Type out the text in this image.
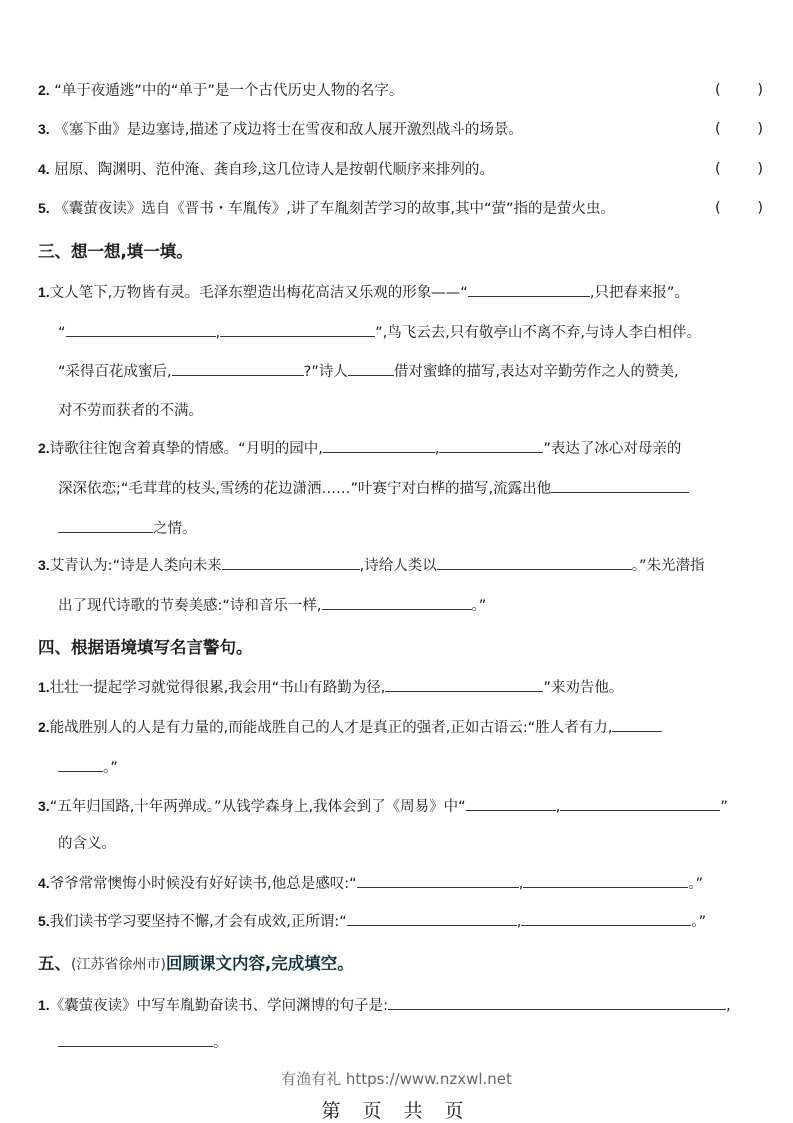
2. “单于夜遁逃”中的“单于”是一个古代历史人物的名字。	(	)
3. 《塞下曲》是边塞诗,描述了戍边将士在雪夜和敌人展开激烈战斗的场景。	(	)
4. 屈原、陶渊明、范仲淹、龚自珍,这几位诗人是按朝代顺序来排列的。	(	)
5. 《囊萤夜读》选自《晋书・车胤传》,讲了车胤刻苦学习的故事,其中“萤”指的是萤火虫。	(	)
三、想一想,填一填。
1.文人笔下,万物皆有灵。毛泽东塑造出梅花高洁又乐观的形象——“	,只把春来报”。
“	,	”,鸟飞云去,只有敬亭山不离不弃,与诗人李白相伴。
“采得百花成蜜后,	?”诗人	借对蜜蜂的描写,表达对辛勤劳作之人的赞美,
对不劳而获者的不满。
2.诗歌往往饱含着真挚的情感。“月明的园中,	,	”表达了冰心对母亲的
深深依恋;“毛茸茸的枝头,雪绣的花边潇洒……”叶赛宁对白桦的描写,流露出他
之情。
3.艾青认为:“诗是人类向未来	,诗给人类以	。”朱光潜指
出了现代诗歌的节奏美感:“诗和音乐一样,	。”
四、根据语境填写名言警句。
1.壮壮一提起学习就觉得很累,我会用“书山有路勤为径,	”来劝告他。
2.能战胜别人的人是有力量的,而能战胜自己的人才是真正的强者,正如古语云:“胜人者有力,
。”
3.“五年归国路,十年两弹成。”从钱学森身上,我体会到了《周易》中“	,	”
的含义。
4.爷爷常常懊悔小时候没有好好读书,他总是感叹:“	,	。”
5.我们读书学习要坚持不懈,才会有成效,正所谓:“	,	。”
五、(江苏省徐州市)回顾课文内容,完成填空。
1.《囊萤夜读》中写车胤勤奋读书、学问渊博的句子是:	,
。
有渔有礼 https://www.nzxwl.net
第 页 共 页
